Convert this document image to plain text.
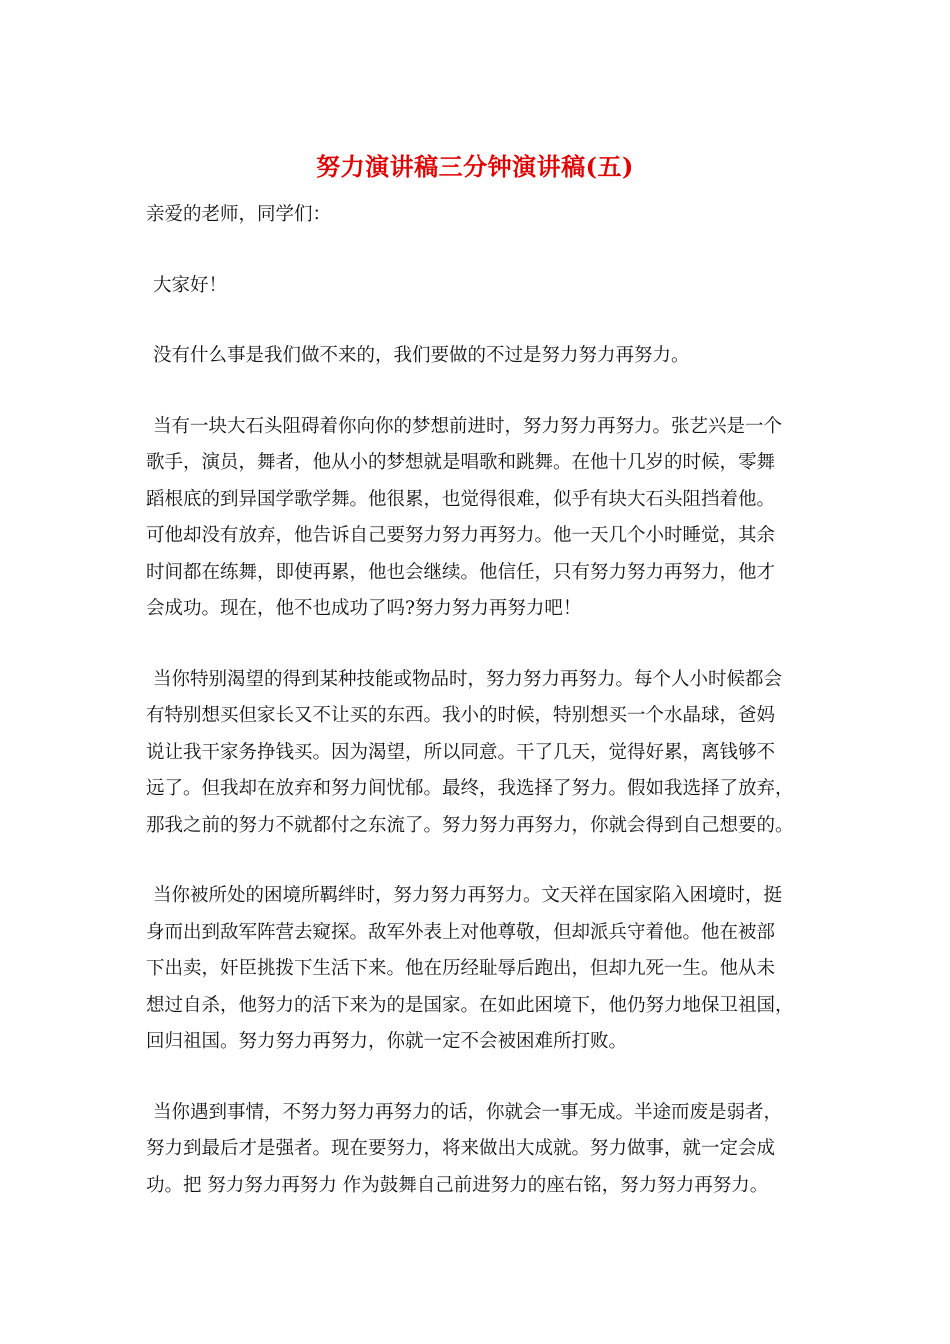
努力演讲稿三分钟演讲稿(五)

亲爱的老师，同学们：

大家好！

没有什么事是我们做不来的，我们要做的不过是努力努力再努力。

当有一块大石头阻碍着你向你的梦想前进时，努力努力再努力。张艺兴是一个

歌手，演员，舞者，他从小的梦想就是唱歌和跳舞。在他十几岁的时候，零舞

蹈根底的到异国学歌学舞。他很累，也觉得很难，似乎有块大石头阻挡着他。

可他却没有放弃，他告诉自己要努力努力再努力。他一天几个小时睡觉，其余

时间都在练舞，即使再累，他也会继续。他信任，只有努力努力再努力，他才

会成功。现在，他不也成功了吗?努力努力再努力吧！

当你特别渴望的得到某种技能或物品时，努力努力再努力。每个人小时候都会

有特别想买但家长又不让买的东西。我小的时候，特别想买一个水晶球，爸妈

说让我干家务挣钱买。因为渴望，所以同意。干了几天，觉得好累，离钱够不

远了。但我却在放弃和努力间忧郁。最终，我选择了努力。假如我选择了放弃，

那我之前的努力不就都付之东流了。努力努力再努力，你就会得到自己想要的。

当你被所处的困境所羁绊时，努力努力再努力。文天祥在国家陷入困境时，挺

身而出到敌军阵营去窥探。敌军外表上对他尊敬，但却派兵守着他。他在被部

下出卖，奸臣挑拨下生活下来。他在历经耻辱后跑出，但却九死一生。他从未

想过自杀，他努力的活下来为的是国家。在如此困境下，他仍努力地保卫祖国，

回归祖国。努力努力再努力，你就一定不会被困难所打败。

当你遇到事情，不努力努力再努力的话，你就会一事无成。半途而废是弱者，

努力到最后才是强者。现在要努力，将来做出大成就。努力做事，就一定会成

功。把 努力努力再努力 作为鼓舞自己前进努力的座右铭，努力努力再努力。
